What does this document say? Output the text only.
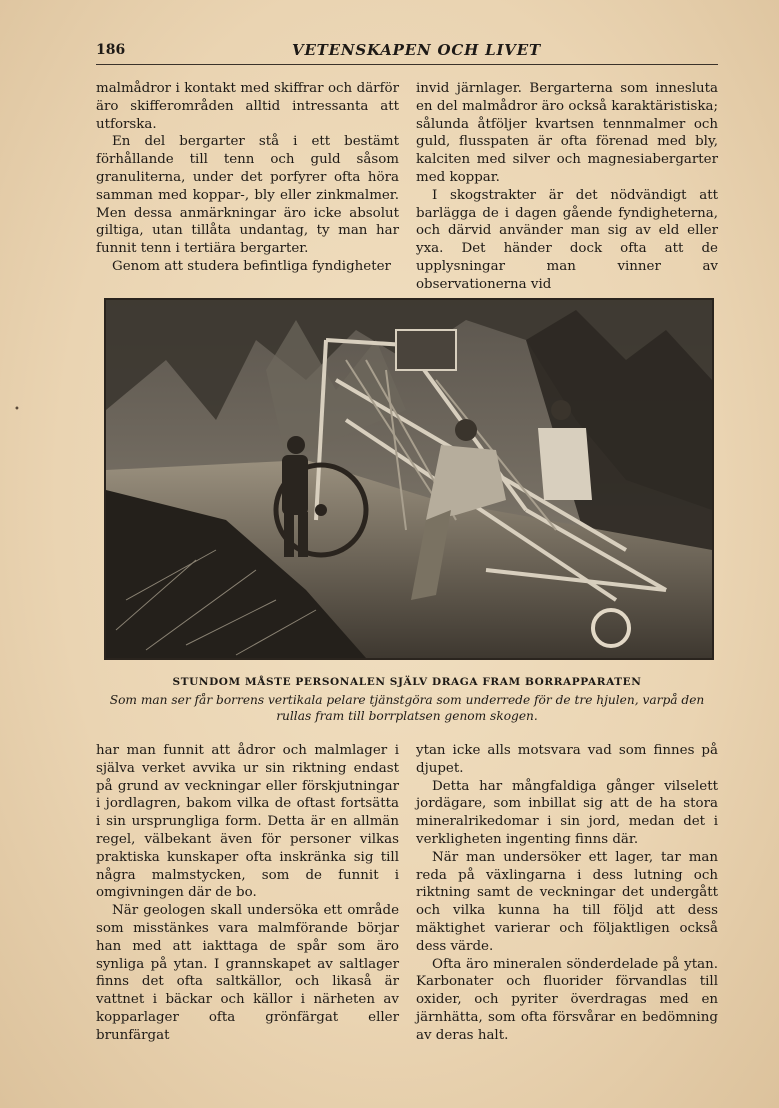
186	VETENSKAPEN OCH LIVET
•

malmådror i kontakt med skiffrar och därför äro skifferområden alltid intressanta att utforska.

En del bergarter stå i ett bestämt förhållande till tenn och guld såsom granuliterna, under det porfyrer ofta höra samman med koppar-, bly eller zinkmalmer. Men dessa anmärkningar äro icke absolut giltiga, utan tillåta undantag, ty man har funnit tenn i tertiära bergarter.

Genom att studera befintliga fyndigheter

invid järnlager. Bergarterna som innesluta en del malmådror äro också karaktäristiska; sålunda åtföljer kvartsen tennmalmer och guld, flusspaten är ofta förenad med bly, kalciten med silver och magnesiabergarter med koppar.

I skogstrakter är det nödvändigt att barlägga de i dagen gående fyndigheterna, och därvid använder man sig av eld eller yxa. Det händer dock ofta att de upplysningar man vinner av observationerna vid

STUNDOM MÅSTE PERSONALEN SJÄLV DRAGA FRAM BORRAPPARATEN
Som man ser får borrens vertikala pelare tjänstgöra som underrede för de tre hjulen, varpå den rullas fram till borrplatsen genom skogen.

har man funnit att ådror och malmlager i själva verket avvika ur sin riktning endast på grund av veckningar eller förskjutningar i jordlagren, bakom vilka de oftast fortsätta i sin ursprungliga form. Detta är en allmän regel, välbekant även för personer vilkas praktiska kunskaper ofta inskränka sig till några malmstycken, som de funnit i omgivningen där de bo.

När geologen skall undersöka ett område som misstänkes vara malmförande börjar han med att iakttaga de spår som äro synliga på ytan. I grannskapet av saltlager finns det ofta saltkällor, och likaså är vattnet i bäckar och källor i närheten av kopparlager ofta grönfärgat eller brunfärgat

ytan icke alls motsvara vad som finnes på djupet.

Detta har mångfaldiga gånger vilselett jordägare, som inbillat sig att de ha stora mineralrikedomar i sin jord, medan det i verkligheten ingenting finns där.

När man undersöker ett lager, tar man reda på växlingarna i dess lutning och riktning samt de veckningar det undergått och vilka kunna ha till följd att dess mäktighet varierar och följaktligen också dess värde.

Ofta äro mineralen sönderdelade på ytan. Karbonater och fluorider förvandlas till oxider, och pyriter överdragas med en järnhätta, som ofta försvårar en bedömning av deras halt.
